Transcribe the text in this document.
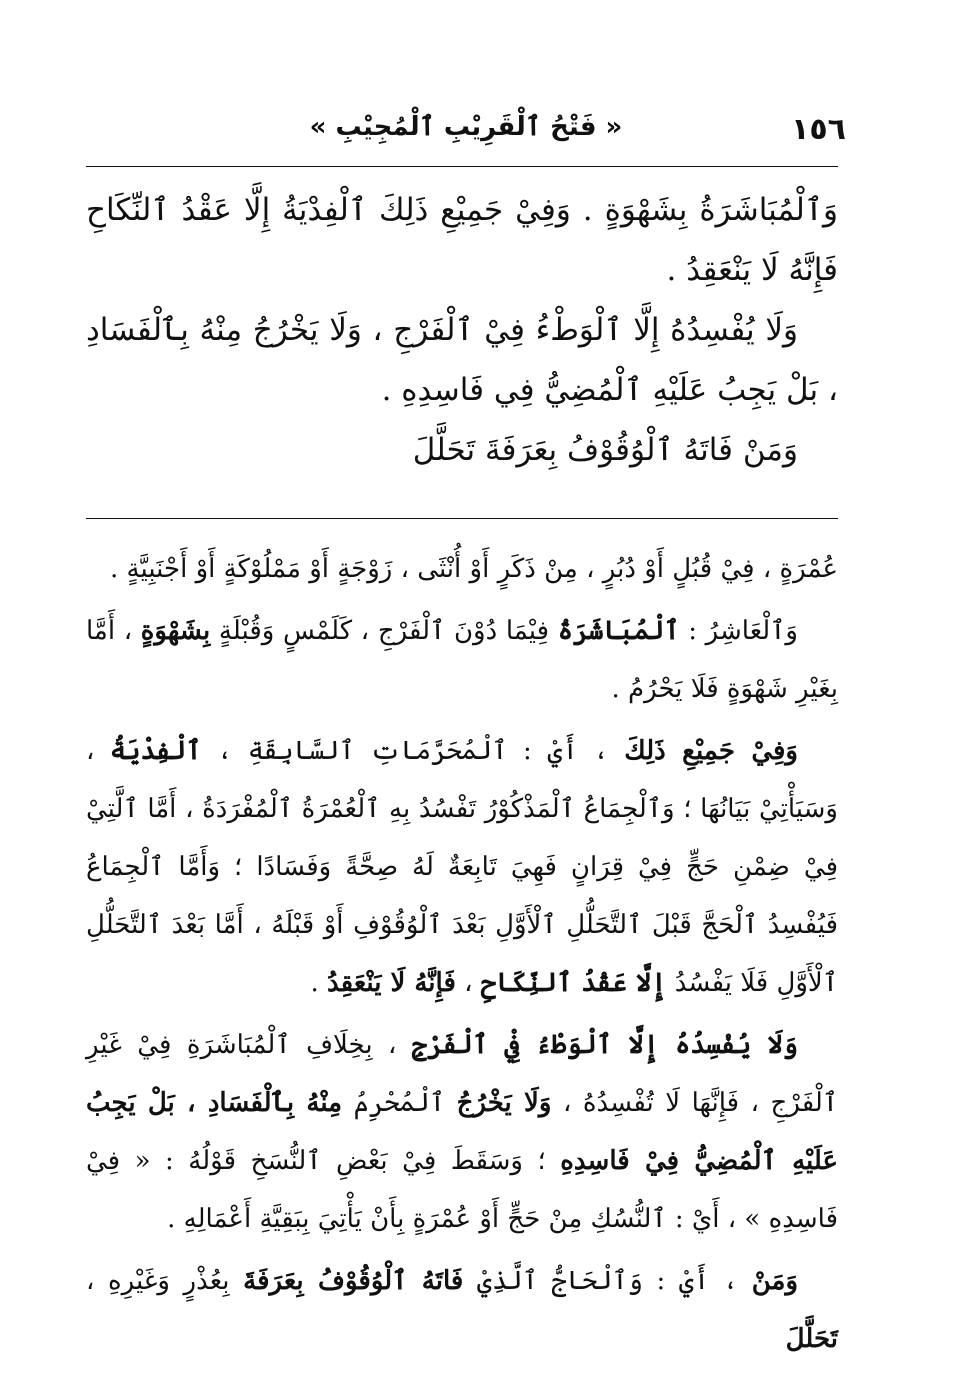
١٥٦
« فَتْحُ ٱلْقَرِيْبِ ٱلْمُجِيْبِ »

وَٱلْمُبَاشَرَةُ بِشَهْوَةٍ . وَفِيْ جَمِيْعِ ذَلِكَ ٱلْفِدْيَةُ إِلَّا عَقْدُ ٱلنِّكَاحِ فَإِنَّهُ لَا يَنْعَقِدُ .

وَلَا يُفْسِدُهُ إِلَّا ٱلْوَطْءُ فِيْ ٱلْفَرْجِ ، وَلَا يَخْرُجُ مِنْهُ بِٱلْفَسَادِ ، بَلْ يَجِبُ عَلَيْهِ ٱلْمُضِيُّ فِي فَاسِدِهِ .

وَمَنْ فَاتَهُ ٱلْوُقُوْفُ بِعَرَفَةَ تَحَلَّلَ

عُمْرَةٍ ، فِيْ قُبُلٍ أَوْ دُبُرٍ ، مِنْ ذَكَرٍ أَوْ أُنْثَى ، زَوْجَةٍ أَوْ مَمْلُوْكَةٍ أَوْ أَجْنَبِيَّةٍ .

وَٱلْعَاشِرُ : ٱلْمُبَاشَرَةُ فِيْمَا دُوْنَ ٱلْفَرْجِ ، كَلَمْسٍ وَقُبْلَةٍ بِشَهْوَةٍ ، أَمَّا بِغَيْرِ شَهْوَةٍ فَلَا يَحْرُمُ .

وَفِيْ جَمِيْعِ ذَلِكَ ، أَيْ : ٱلْمُحَرَّمَاتِ ٱلسَّابِقَةِ ، ٱلْفِدْيَةُ ، وَسَيَأْتِيْ بَيَانُهَا ؛ وَٱلْجِمَاعُ ٱلْمَذْكُوْرُ تَفْسُدُ بِهِ ٱلْعُمْرَةُ ٱلْمُفْرَدَةُ ، أَمَّا ٱلَّتِيْ فِيْ ضِمْنِ حَجٍّ فِيْ قِرَانٍ فَهِيَ تَابِعَةٌ لَهُ صِحَّةً وَفَسَادًا ؛ وَأَمَّا ٱلْجِمَاعُ فَيُفْسِدُ ٱلْحَجَّ قَبْلَ ٱلتَّحَلُّلِ ٱلْأَوَّلِ بَعْدَ ٱلْوُقُوْفِ أَوْ قَبْلَهُ ، أَمَّا بَعْدَ ٱلتَّحَلُّلِ ٱلْأَوَّلِ فَلَا يَفْسُدُ إِلَّا عَقْدُ ٱلنِّكَاحِ ، فَإِنَّهُ لَا يَنْعَقِدُ .

وَلَا يُفْسِدُهُ إِلَّا ٱلْوَطْءُ فِيْ ٱلْفَرْجِ ، بِخِلَافِ ٱلْمُبَاشَرَةِ فِيْ غَيْرِ ٱلْفَرْجِ ، فَإِنَّهَا لَا تُفْسِدُهُ ، وَلَا يَخْرُجُ ٱلْمُحْرِمُ مِنْهُ بِٱلْفَسَادِ ، بَلْ يَجِبُ عَلَيْهِ ٱلْمُضِيُّ فِيْ فَاسِدِهِ ؛ وَسَقَطَ فِيْ بَعْضِ ٱلنُّسَخِ قَوْلُهُ : « فِيْ فَاسِدِهِ » ، أَيْ : ٱلنُّسُكِ مِنْ حَجٍّ أَوْ عُمْرَةٍ بِأَنْ يَأْتِيَ بِبَقِيَّةِ أَعْمَالِهِ .

وَمَنْ ، أَيْ : وَٱلْحَاجُّ ٱلَّذِيْ فَاتَهُ ٱلْوُقُوْفُ بِعَرَفَةَ بِعُذْرٍ وَغَيْرِهِ ، تَحَلَّلَ
